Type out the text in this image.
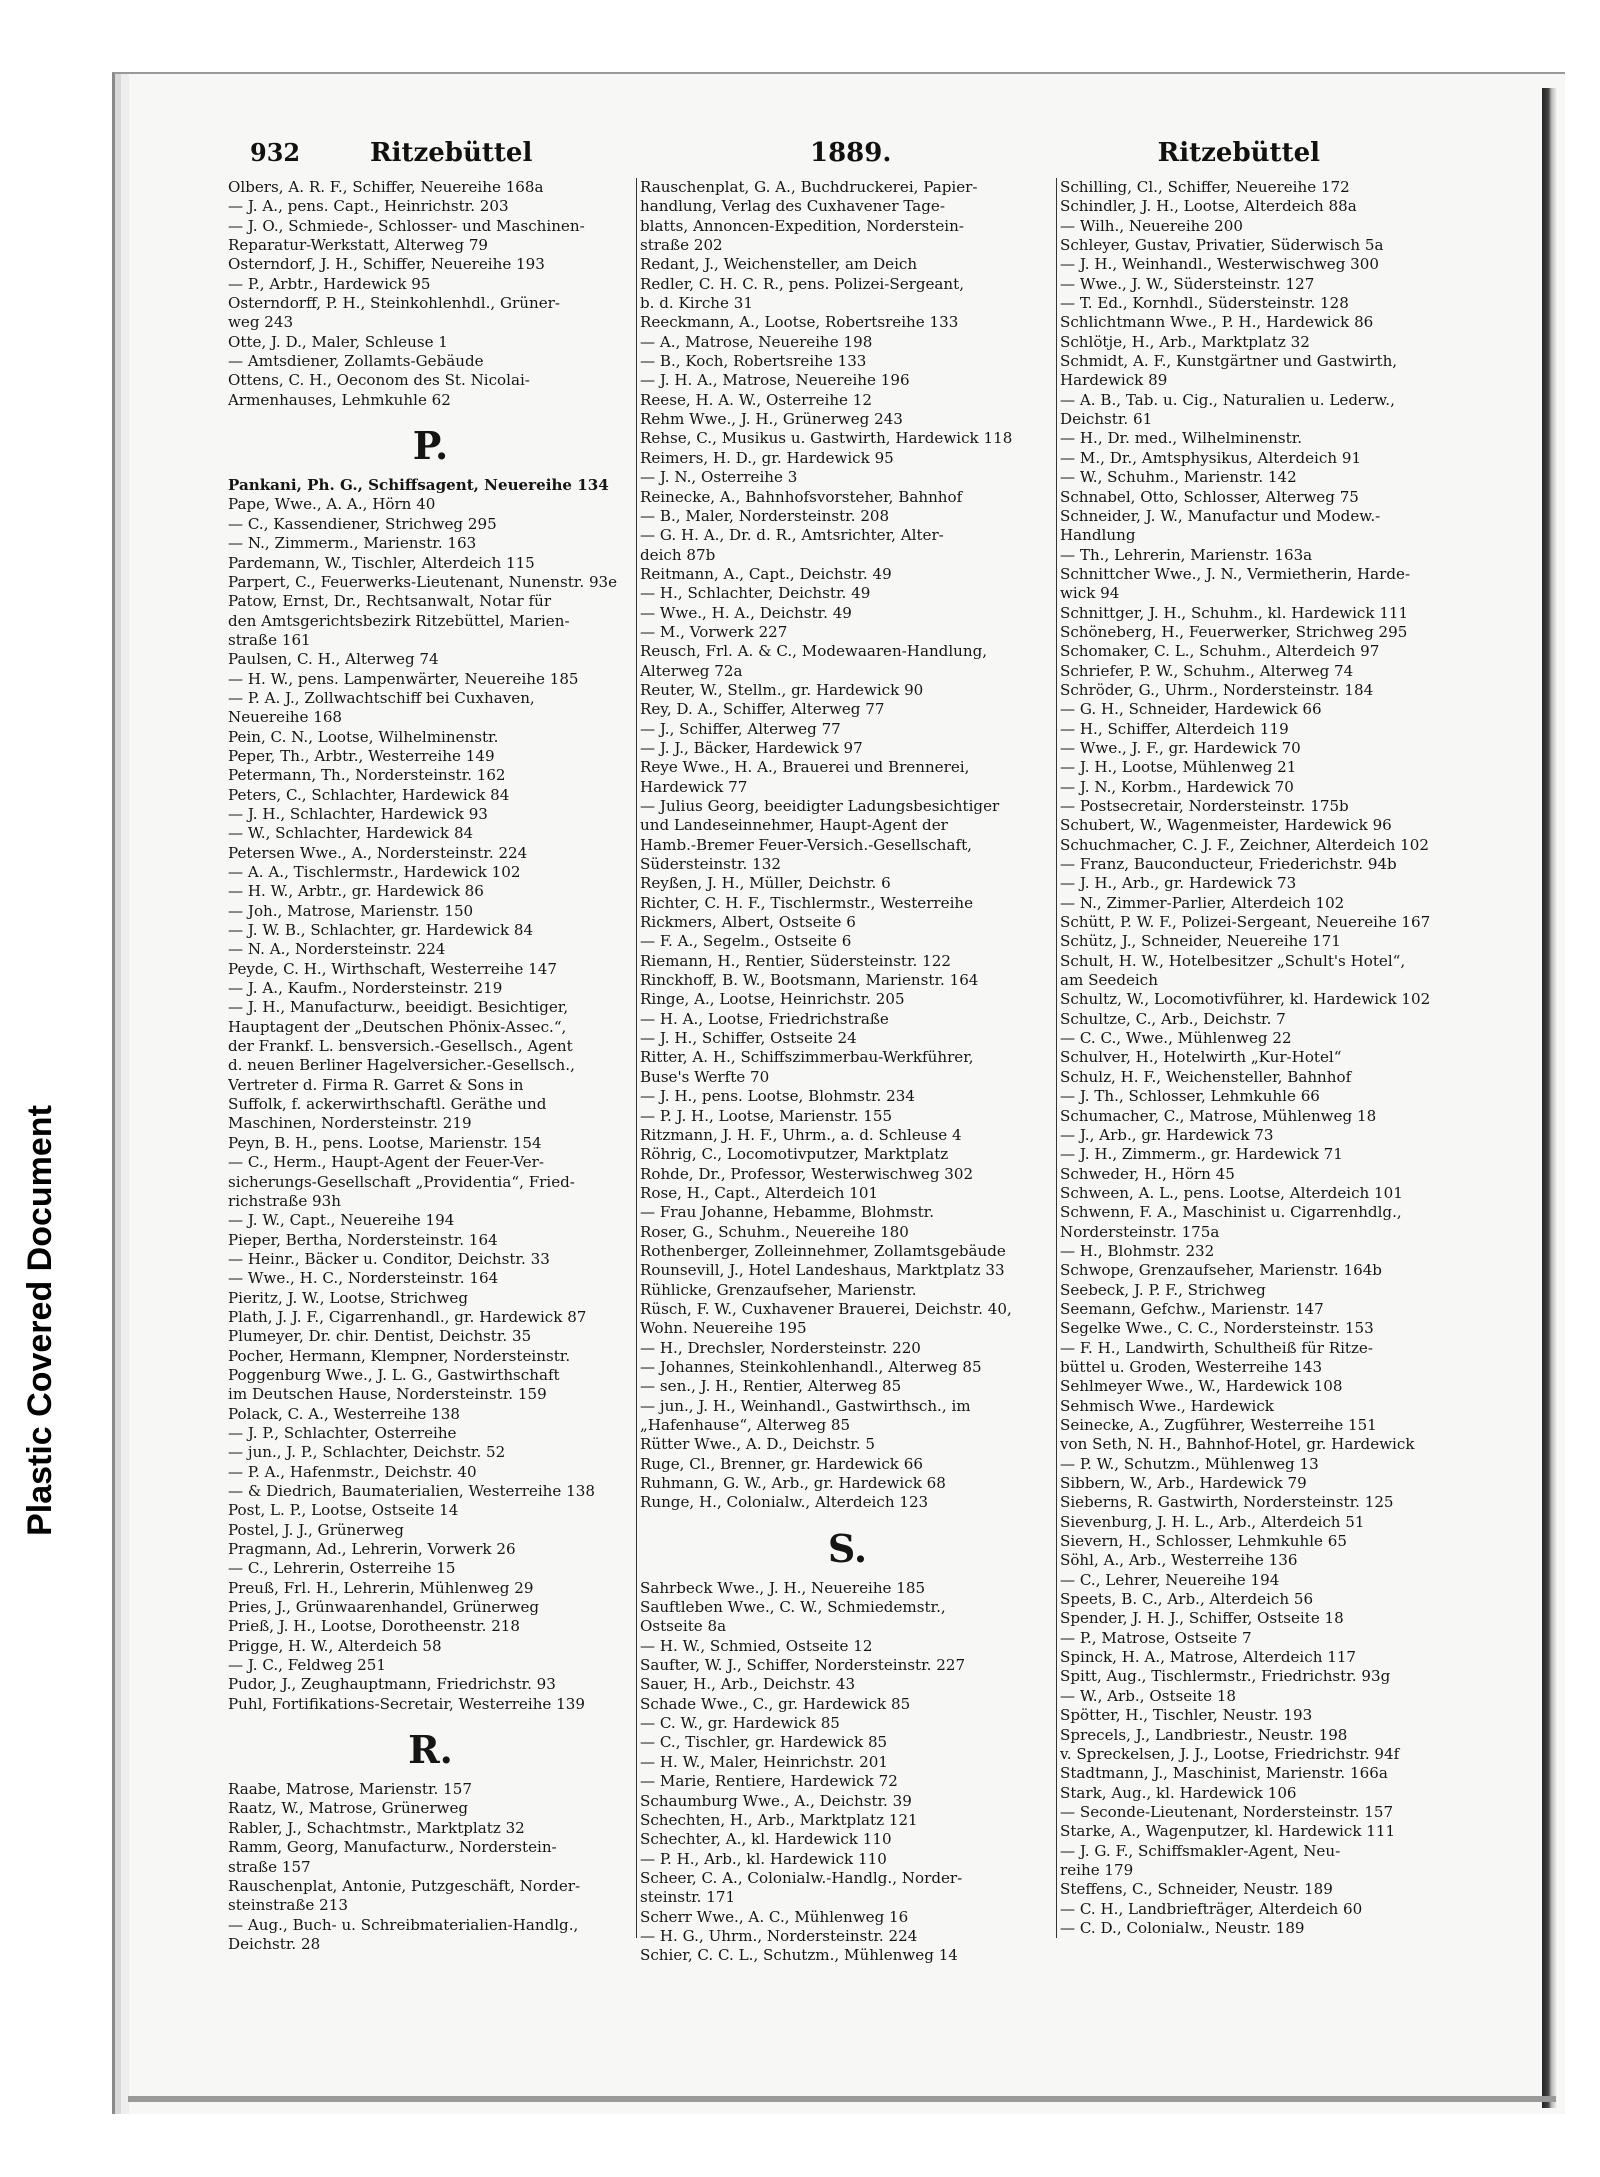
Plastic Covered Document
932	Ritzebüttel	1889.	Ritzebüttel
Olbers, A. R. F., Schiffer, Neuereihe 168a
— J. A., pens. Capt., Heinrichstr. 203
— J. O., Schmiede-, Schlosser- und Maschinen-
Reparatur-Werkstatt, Alterweg 79
Osterndorf, J. H., Schiffer, Neuereihe 193
— P., Arbtr., Hardewick 95
Osterndorff, P. H., Steinkohlenhdl., Grüner-
weg 243
Otte, J. D., Maler, Schleuse 1
— Amtsdiener, Zollamts-Gebäude
Ottens, C. H., Oeconom des St. Nicolai-
Armenhauses, Lehmkuhle 62
P.
Pankani, Ph. G., Schiffsagent, Neuereihe 134
Pape, Wwe., A. A., Hörn 40
— C., Kassendiener, Strichweg 295
— N., Zimmerm., Marienstr. 163
Pardemann, W., Tischler, Alterdeich 115
Parpert, C., Feuerwerks-Lieutenant, Nunenstr. 93e
Patow, Ernst, Dr., Rechtsanwalt, Notar für
den Amtsgerichtsbezirk Ritzebüttel, Marien-
straße 161
Paulsen, C. H., Alterweg 74
— H. W., pens. Lampenwärter, Neuereihe 185
— P. A. J., Zollwachtschiff bei Cuxhaven,
Neuereihe 168
Pein, C. N., Lootse, Wilhelminenstr.
Peper, Th., Arbtr., Westerreihe 149
Petermann, Th., Norderstеinstr. 162
Peters, C., Schlachter, Hardewick 84
— J. H., Schlachter, Hardewick 93
— W., Schlachter, Hardewick 84
Petersen Wwe., A., Norderstеinstr. 224
— A. A., Tischlermstr., Hardewick 102
— H. W., Arbtr., gr. Hardewick 86
— Joh., Matrose, Marienstr. 150
— J. W. B., Schlachter, gr. Hardewick 84
— N. A., Norderstеinstr. 224
Peyde, C. H., Wirthschaft, Westerreihe 147
— J. A., Kaufm., Norderstеinstr. 219
— J. H., Manufacturw., beeidigt. Besichtiger,
Hauptagent der „Deutschen Phönix-Assec.“,
der Frankf. L. bensversich.-Gesellsch., Agent
d. neuen Berliner Hagelversicher.-Gesellsch.,
Vertreter d. Firma R. Garret & Sons in
Suffolk, f. ackerwirthschaftl. Geräthe und
Maschinen, Norderstеinstr. 219
Peyn, B. H., pens. Lootse, Marienstr. 154
— C., Herm., Haupt-Agent der Feuer-Ver-
sicherungs-Gesellschaft „Providentia“, Fried-
richstraße 93h
— J. W., Capt., Neuereihe 194
Pieper, Bertha, Norderstеinstr. 164
— Heinr., Bäcker u. Conditor, Deichstr. 33
— Wwe., H. C., Norderstеinstr. 164
Pieritz, J. W., Lootse, Strichweg
Plath, J. J. F., Cigarrenhandl., gr. Hardewick 87
Plumeyer, Dr. chir. Dentist, Deichstr. 35
Pocher, Hermann, Klempner, Norderstеinstr.
Poggenburg Wwe., J. L. G., Gastwirthschaft
im Deutschen Hause, Norderstеinstr. 159
Polack, C. A., Westerreihe 138
— J. P., Schlachter, Osterreihe
— jun., J. P., Schlachter, Deichstr. 52
— P. A., Hafenmstr., Deichstr. 40
— & Diedrich, Baumaterialien, Westerreihe 138
Post, L. P., Lootse, Ostseite 14
Postel, J. J., Grünerweg
Pragmann, Ad., Lehrerin, Vorwerk 26
— C., Lehrerin, Osterreihe 15
Preuß, Frl. H., Lehrerin, Mühlenweg 29
Pries, J., Grünwaarenhandel, Grünerweg
Prieß, J. H., Lootse, Dorotheenstr. 218
Prigge, H. W., Alterdeich 58
— J. C., Feldweg 251
Pudor, J., Zeughauptmann, Friedrichstr. 93
Puhl, Fortifikations-Secretair, Westerreihe 139
R.
Raabe, Matrose, Marienstr. 157
Raatz, W., Matrose, Grünerweg
Rabler, J., Schachtmstr., Marktplatz 32
Ramm, Georg, Manufacturw., Norderstеin-
straße 157
Rauschenplat, Antonie, Putzgeschäft, Norder-
steinstraße 213
— Aug., Buch- u. Schreibmaterialien-Handlg.,
Deichstr. 28
Rauschenplat, G. A., Buchdruckerei, Papier-
handlung, Verlag des Cuxhavener Tage-
blatts, Annoncen-Expedition, Norderstеin-
straße 202
Redant, J., Weichensteller, am Deich
Redler, C. H. C. R., pens. Polizei-Sergeant,
b. d. Kirche 31
Reeckmann, A., Lootse, Robertsreihe 133
— A., Matrose, Neuereihe 198
— B., Koch, Robertsreihe 133
— J. H. A., Matrose, Neuereihe 196
Reese, H. A. W., Osterreihe 12
Rehm Wwe., J. H., Grünerweg 243
Rehse, C., Musikus u. Gastwirth, Hardewick 118
Reimers, H. D., gr. Hardewick 95
— J. N., Osterreihe 3
Reinecke, A., Bahnhofsvorsteher, Bahnhof
— B., Maler, Norderstеinstr. 208
— G. H. A., Dr. d. R., Amtsrichter, Alter-
deich 87b
Reitmann, A., Capt., Deichstr. 49
— H., Schlachter, Deichstr. 49
— Wwe., H. A., Deichstr. 49
— M., Vorwerk 227
Reusch, Frl. A. & C., Modewaaren-Handlung,
Alterweg 72a
Reuter, W., Stellm., gr. Hardewick 90
Rey, D. A., Schiffer, Alterweg 77
— J., Schiffer, Alterweg 77
— J. J., Bäcker, Hardewick 97
Reye Wwe., H. A., Brauerei und Brennerei,
Hardewick 77
— Julius Georg, beeidigter Ladungsbesichtiger
und Landeseinnehmer, Haupt-Agent der
Hamb.-Bremer Feuer-Versich.-Gesellschaft,
Süderstеinstr. 132
Reyßen, J. H., Müller, Deichstr. 6
Richter, C. H. F., Tischlermstr., Westerreihe
Rickmers, Albert, Ostseite 6
— F. A., Segelm., Ostseite 6
Riemann, H., Rentier, Süderstеinstr. 122
Rinckhoff, B. W., Bootsmann, Marienstr. 164
Ringe, A., Lootse, Heinrichstr. 205
— H. A., Lootse, Friedrichstraße
— J. H., Schiffer, Ostseite 24
Ritter, A. H., Schiffszimmerbau-Werkführer,
Buse's Werfte 70
— J. H., pens. Lootse, Blohmstr. 234
— P. J. H., Lootse, Marienstr. 155
Ritzmann, J. H. F., Uhrm., a. d. Schleuse 4
Röhrig, C., Locomotivputzer, Marktplatz
Rohde, Dr., Professor, Westerwischweg 302
Rose, H., Capt., Alterdeich 101
— Frau Johanne, Hebamme, Blohmstr.
Roser, G., Schuhm., Neuereihe 180
Rothenberger, Zolleinnehmer, Zollamtsgebäude
Rounsevill, J., Hotel Landeshaus, Marktplatz 33
Rühlicke, Grenzaufseher, Marienstr.
Rüsch, F. W., Cuxhavener Brauerei, Deichstr. 40,
Wohn. Neuereihe 195
— H., Drechsler, Norderstеinstr. 220
— Johannes, Steinkohlenhandl., Alterweg 85
— sen., J. H., Rentier, Alterweg 85
— jun., J. H., Weinhandl., Gastwirthsch., im
„Hafenhause“, Alterweg 85
Rütter Wwe., A. D., Deichstr. 5
Ruge, Cl., Brenner, gr. Hardewick 66
Ruhmann, G. W., Arb., gr. Hardewick 68
Runge, H., Colonialw., Alterdeich 123
S.
Sahrbeck Wwe., J. H., Neuereihe 185
Sauftleben Wwe., C. W., Schmiedemstr.,
Ostseite 8a
— H. W., Schmied, Ostseite 12
Saufter, W. J., Schiffer, Norderstеinstr. 227
Sauer, H., Arb., Deichstr. 43
Schade Wwe., C., gr. Hardewick 85
— C. W., gr. Hardewick 85
— C., Tischler, gr. Hardewick 85
— H. W., Maler, Heinrichstr. 201
— Marie, Rentiere, Hardewick 72
Schaumburg Wwe., A., Deichstr. 39
Schechten, H., Arb., Marktplatz 121
Schechter, A., kl. Hardewick 110
— P. H., Arb., kl. Hardewick 110
Scheer, C. A., Colonialw.-Handlg., Norder-
steinstr. 171
Scherr Wwe., A. C., Mühlenweg 16
— H. G., Uhrm., Norderstеinstr. 224
Schier, C. C. L., Schutzm., Mühlenweg 14
Schilling, Cl., Schiffer, Neuereihe 172
Schindler, J. H., Lootse, Alterdeich 88a
— Wilh., Neuereihe 200
Schleyer, Gustav, Privatier, Süderwisch 5a
— J. H., Weinhandl., Westerwischweg 300
— Wwe., J. W., Süderstеinstr. 127
— T. Ed., Kornhdl., Süderstеinstr. 128
Schlichtmann Wwe., P. H., Hardewick 86
Schlötje, H., Arb., Marktplatz 32
Schmidt, A. F., Kunstgärtner und Gastwirth,
Hardewick 89
— A. B., Tab. u. Cig., Naturalien u. Lederw.,
Deichstr. 61
— H., Dr. med., Wilhelminenstr.
— M., Dr., Amtsphysikus, Alterdeich 91
— W., Schuhm., Marienstr. 142
Schnabel, Otto, Schlosser, Alterweg 75
Schneider, J. W., Manufactur und Modew.-
Handlung
— Th., Lehrerin, Marienstr. 163a
Schnittcher Wwe., J. N., Vermietherin, Harde-
wick 94
Schnittger, J. H., Schuhm., kl. Hardewick 111
Schöneberg, H., Feuerwerker, Strichweg 295
Schomaker, C. L., Schuhm., Alterdeich 97
Schriefer, P. W., Schuhm., Alterweg 74
Schröder, G., Uhrm., Norderstеinstr. 184
— G. H., Schneider, Hardewick 66
— H., Schiffer, Alterdeich 119
— Wwe., J. F., gr. Hardewick 70
— J. H., Lootse, Mühlenweg 21
— J. N., Korbm., Hardewick 70
— Postsecretair, Norderstеinstr. 175b
Schubert, W., Wagenmeister, Hardewick 96
Schuchmacher, C. J. F., Zeichner, Alterdeich 102
— Franz, Bauconducteur, Friederichstr. 94b
— J. H., Arb., gr. Hardewick 73
— N., Zimmer-Parlier, Alterdeich 102
Schütt, P. W. F., Polizei-Sergeant, Neuereihe 167
Schütz, J., Schneider, Neuereihe 171
Schult, H. W., Hotelbesitzer „Schult's Hotel“,
am Seedeich
Schultz, W., Locomotivführer, kl. Hardewick 102
Schultze, C., Arb., Deichstr. 7
— C. C., Wwe., Mühlenweg 22
Schulver, H., Hotelwirth „Kur-Hotel“
Schulz, H. F., Weichensteller, Bahnhof
— J. Th., Schlosser, Lehmkuhle 66
Schumacher, C., Matrose, Mühlenweg 18
— J., Arb., gr. Hardewick 73
— J. H., Zimmerm., gr. Hardewick 71
Schweder, H., Hörn 45
Schween, A. L., pens. Lootse, Alterdeich 101
Schwenn, F. A., Maschinist u. Cigarrenhdlg.,
Norderstеinstr. 175a
— H., Blohmstr. 232
Schwope, Grenzaufseher, Marienstr. 164b
Seebeck, J. P. F., Strichweg
Seemann, Gefchw., Marienstr. 147
Segelke Wwe., C. C., Norderstеinstr. 153
— F. H., Landwirth, Schultheiß für Ritze-
büttel u. Groden, Westerreihe 143
Sehlmeyer Wwe., W., Hardewick 108
Sehmisch Wwe., Hardewick
Seinecke, A., Zugführer, Westerreihe 151
von Seth, N. H., Bahnhof-Hotel, gr. Hardewick
— P. W., Schutzm., Mühlenweg 13
Sibbern, W., Arb., Hardewick 79
Sieberns, R. Gastwirth, Norderstеinstr. 125
Sievenburg, J. H. L., Arb., Alterdeich 51
Sievern, H., Schlosser, Lehmkuhle 65
Söhl, A., Arb., Westerreihe 136
— C., Lehrer, Neuereihe 194
Speets, B. C., Arb., Alterdeich 56
Spender, J. H. J., Schiffer, Ostseite 18
— P., Matrose, Ostseite 7
Spinck, H. A., Matrose, Alterdeich 117
Spitt, Aug., Tischlermstr., Friedrichstr. 93g
— W., Arb., Ostseite 18
Spötter, H., Tischler, Neustr. 193
Sprecels, J., Landbriestr., Neustr. 198
v. Spreckelsen, J. J., Lootse, Friedrichstr. 94f
Stadtmann, J., Maschinist, Marienstr. 166a
Stark, Aug., kl. Hardewick 106
— Seconde-Lieutenant, Norderstеinstr. 157
Starke, A., Wagenputzer, kl. Hardewick 111
— J. G. F., Schiffsmakler-Agent, Neu-
reihe 179
Steffens, C., Schneider, Neustr. 189
— C. H., Landbriefträger, Alterdeich 60
— C. D., Colonialw., Neustr. 189
